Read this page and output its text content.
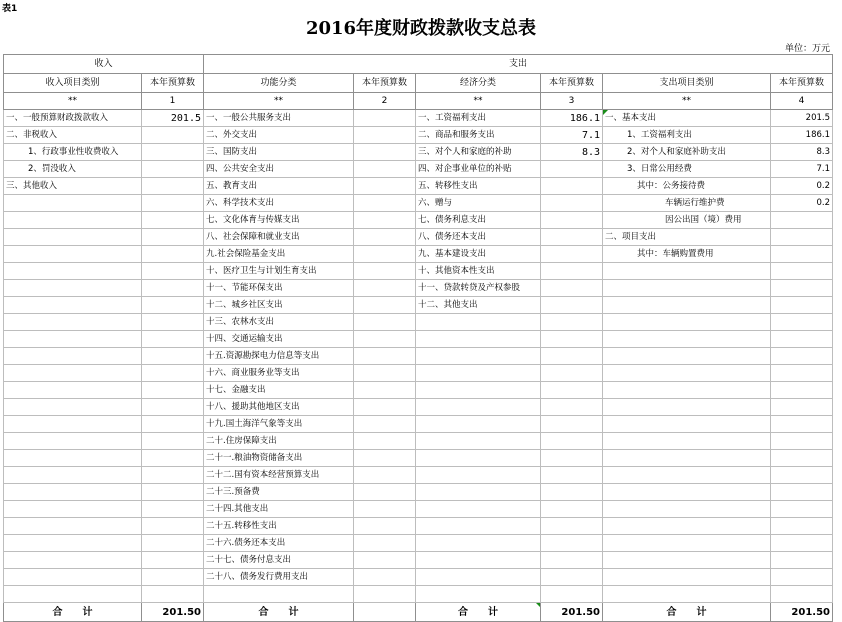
表1
2016年度财政拨款收支总表
单位：万元
收入		支出					
收入项目类别	本年预算数	功能分类	本年预算数	经济分类	本年预算数	支出项目类别	本年预算数
**	1	**	2	**	3	**	4
一、一般预算财政拨款收入	201.5	一、一般公共服务支出		一、工资福利支出	186.1	一、基本支出	201.5
二、非税收入		二、外交支出		二、商品和服务支出	7.1	1、工资福利支出	186.1
1、行政事业性收费收入		三、国防支出		三、对个人和家庭的补助	8.3	2、对个人和家庭补助支出	8.3
2、罚没收入		四、公共安全支出		四、对企事业单位的补贴		3、日常公用经费	7.1
三、其他收入		五、教育支出		五、转移性支出		其中：公务接待费	0.2
		六、科学技术支出		六、赠与		车辆运行维护费	0.2
		七、文化体育与传媒支出		七、债务利息支出		因公出国（境）费用	
		八、社会保障和就业支出		八、债务还本支出		二、项目支出	
		九.社会保险基金支出		九、基本建设支出		其中：车辆购置费用	
		十、医疗卫生与计划生育支出		十、其他资本性支出			
		十一、节能环保支出		十一、贷款转贷及产权参股			
		十二、城乡社区支出		十二、其他支出			
		十三、农林水支出					
		十四、交通运输支出					
		十五.资源勘探电力信息等支出					
		十六、商业服务业等支出					
		十七、金融支出					
		十八、援助其他地区支出					
		十九.国土海洋气象等支出					
		二十.住房保障支出					
		二十一.粮油物资储备支出					
		二十二.国有资本经营预算支出					
		二十三.预备费					
		二十四.其他支出					
		二十五.转移性支出					
		二十六.债务还本支出					
		二十七、债务付息支出					
		二十八、债务发行费用支出					

合　　计	201.50	合　　计		合　　计	201.50	合　　计	201.50
